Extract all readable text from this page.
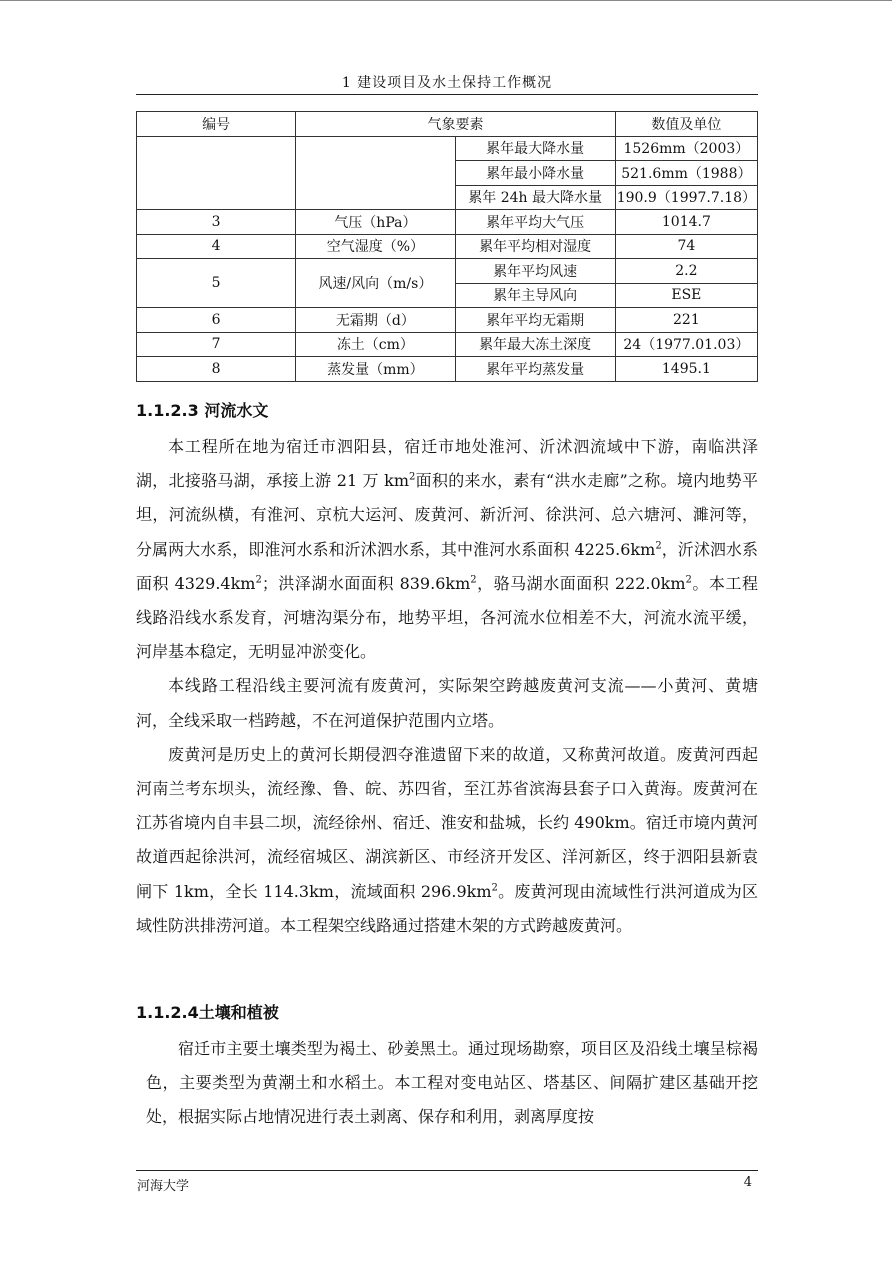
1 建设项目及水土保持工作概况
编号	气象要素		数值及单位
		累年最大降水量	1526mm（2003）
		累年最小降水量	521.6mm（1988）
		累年 24h 最大降水量	190.9（1997.7.18）
3	气压（hPa）	累年平均大气压	1014.7
4	空气湿度（%）	累年平均相对湿度	74
5	风速/风向（m/s）	累年平均风速	2.2
		累年主导风向	ESE
6	无霜期（d）	累年平均无霜期	221
7	冻土（cm）	累年最大冻土深度	24（1977.01.03）
8	蒸发量（mm）	累年平均蒸发量	1495.1
1.1.2.3 河流水文

本工程所在地为宿迁市泗阳县，宿迁市地处淮河、沂沭泗流域中下游，南临洪泽湖，北接骆马湖，承接上游 21 万 $km^2$面积的来水，素有“洪水走廊”之称。境内地势平坦，河流纵横，有淮河、京杭大运河、废黄河、新沂河、徐洪河、总六塘河、濉河等，分属两大水系，即淮河水系和沂沭泗水系，其中淮河水系面积 $4225.6km^2$，沂沭泗水系面积 $4329.4km^2$；洪泽湖水面面积 $839.6km^2$，骆马湖水面面积 $222.0km^2$。本工程线路沿线水系发育，河塘沟渠分布，地势平坦，各河流水位相差不大，河流水流平缓，河岸基本稳定，无明显冲淤变化。

本线路工程沿线主要河流有废黄河，实际架空跨越废黄河支流——小黄河、黄塘河，全线采取一档跨越，不在河道保护范围内立塔。

废黄河是历史上的黄河长期侵泗夺淮遗留下来的故道，又称黄河故道。废黄河西起河南兰考东坝头，流经豫、鲁、皖、苏四省，至江苏省滨海县套子口入黄海。废黄河在江苏省境内自丰县二坝，流经徐州、宿迁、淮安和盐城，长约 490km。宿迁市境内黄河故道西起徐洪河，流经宿城区、湖滨新区、市经济开发区、洋河新区，终于泗阳县新袁闸下 1km，全长 114.3km，流域面积 $296.9km^2$。废黄河现由流域性行洪河道成为区域性防洪排涝河道。本工程架空线路通过搭建木架的方式跨越废黄河。

1.1.2.4土壤和植被

宿迁市主要土壤类型为褐土、砂姜黑土。通过现场勘察，项目区及沿线土壤呈棕褐色，主要类型为黄潮土和水稻土。本工程对变电站区、塔基区、间隔扩建区基础开挖处，根据实际占地情况进行表土剥离、保存和利用，剥离厚度按

河海大学	4
